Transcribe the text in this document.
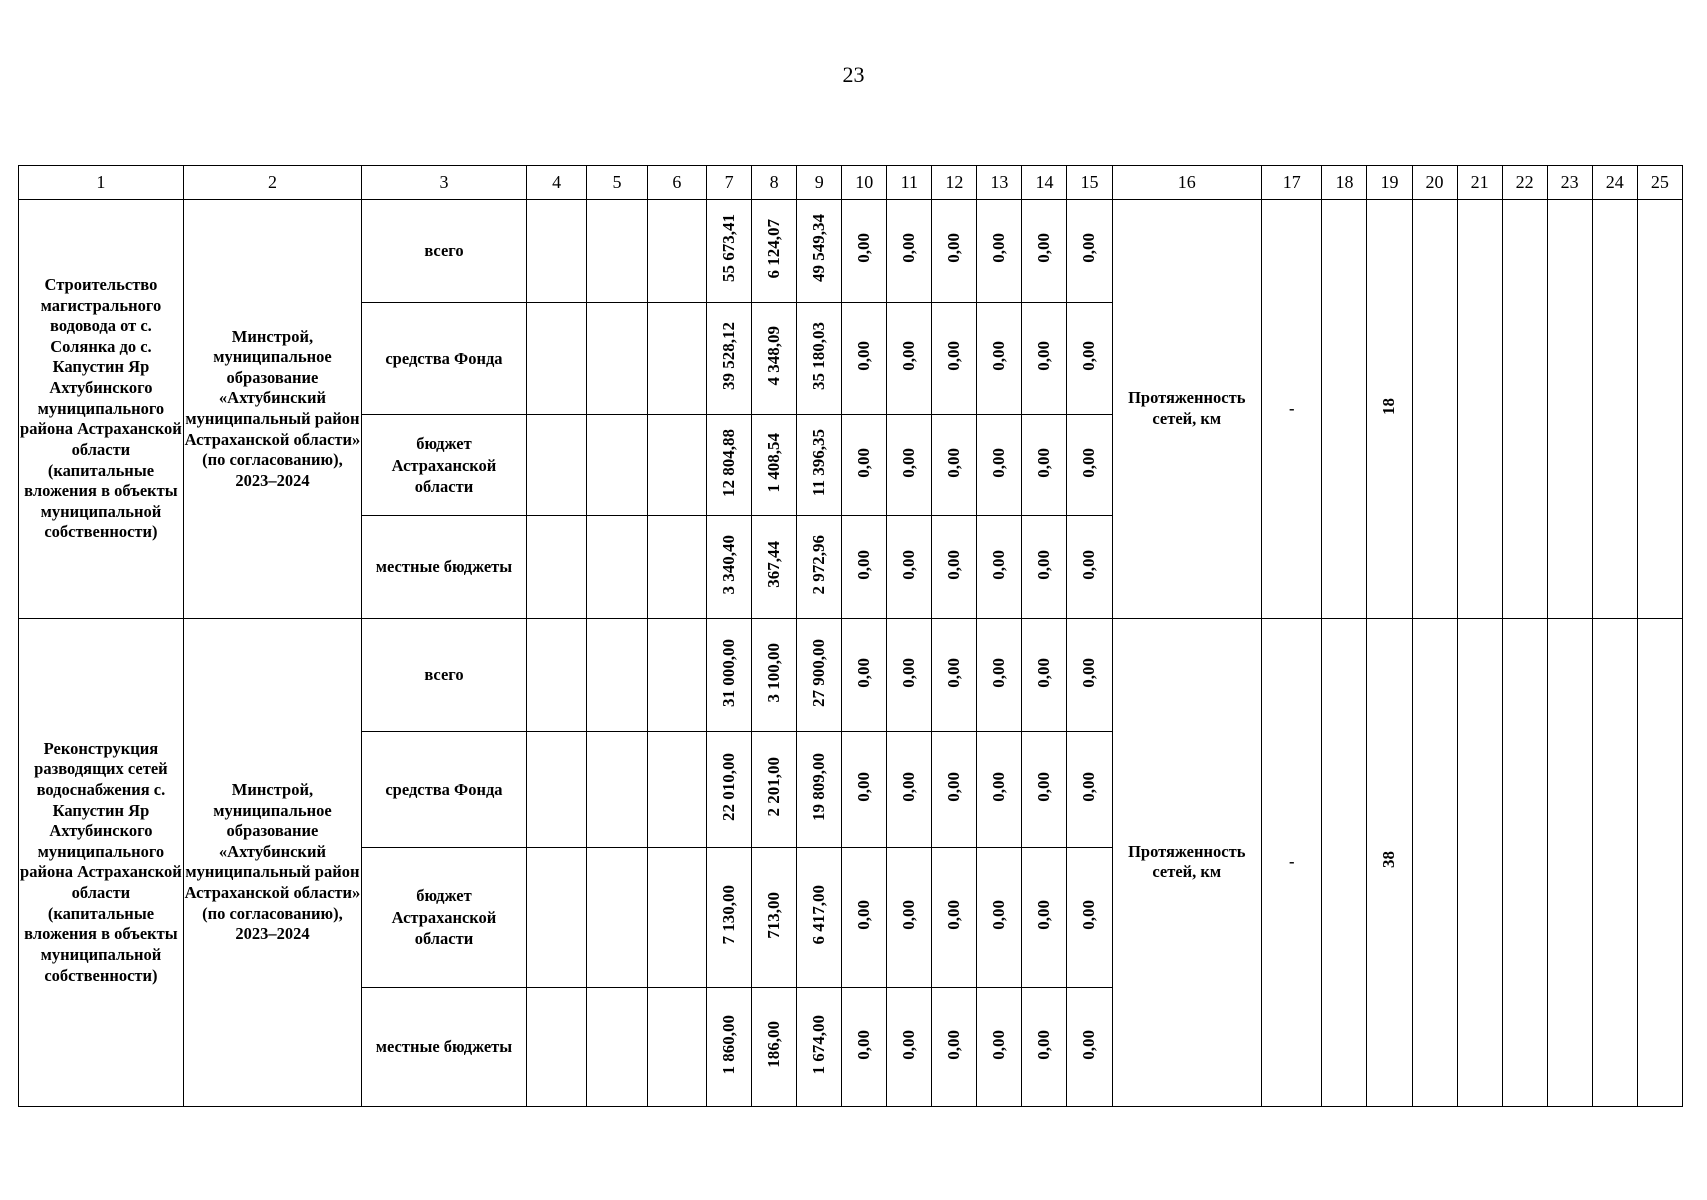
23
1	2	3	4	5	6	7	8	9	10	11	12	13	14	15	16	17	18	19	20	21	22	23	24	25
Строительство магистрального водовода от с. Солянка до с. Капустин Яр Ахтубинского муниципального района Астраханской области (капитальные вложения в объекты муниципальной собственности)	Минстрой, муниципальное образование «Ахтубинский муниципальный район Астраханской области» (по согласованию), 2023–2024	всего				55 673,41	6 124,07	49 549,34	0,00	0,00	0,00	0,00	0,00	0,00	Протяженность сетей, км	-		18						
		средства Фонда				39 528,12	4 348,09	35 180,03	0,00	0,00	0,00	0,00	0,00	0,00										
		бюджет Астраханской области				12 804,88	1 408,54	11 396,35	0,00	0,00	0,00	0,00	0,00	0,00										
		местные бюджеты				3 340,40	367,44	2 972,96	0,00	0,00	0,00	0,00	0,00	0,00										
Реконструкция разводящих сетей водоснабжения с. Капустин Яр Ахтубинского муниципального района Астраханской области (капитальные вложения в объекты муниципальной собственности)	Минстрой, муниципальное образование «Ахтубинский муниципальный район Астраханской области» (по согласованию), 2023–2024	всего				31 000,00	3 100,00	27 900,00	0,00	0,00	0,00	0,00	0,00	0,00	Протяженность сетей, км	-		38						
		средства Фонда				22 010,00	2 201,00	19 809,00	0,00	0,00	0,00	0,00	0,00	0,00										
		бюджет Астраханской области				7 130,00	713,00	6 417,00	0,00	0,00	0,00	0,00	0,00	0,00										
		местные бюджеты				1 860,00	186,00	1 674,00	0,00	0,00	0,00	0,00	0,00	0,00										
